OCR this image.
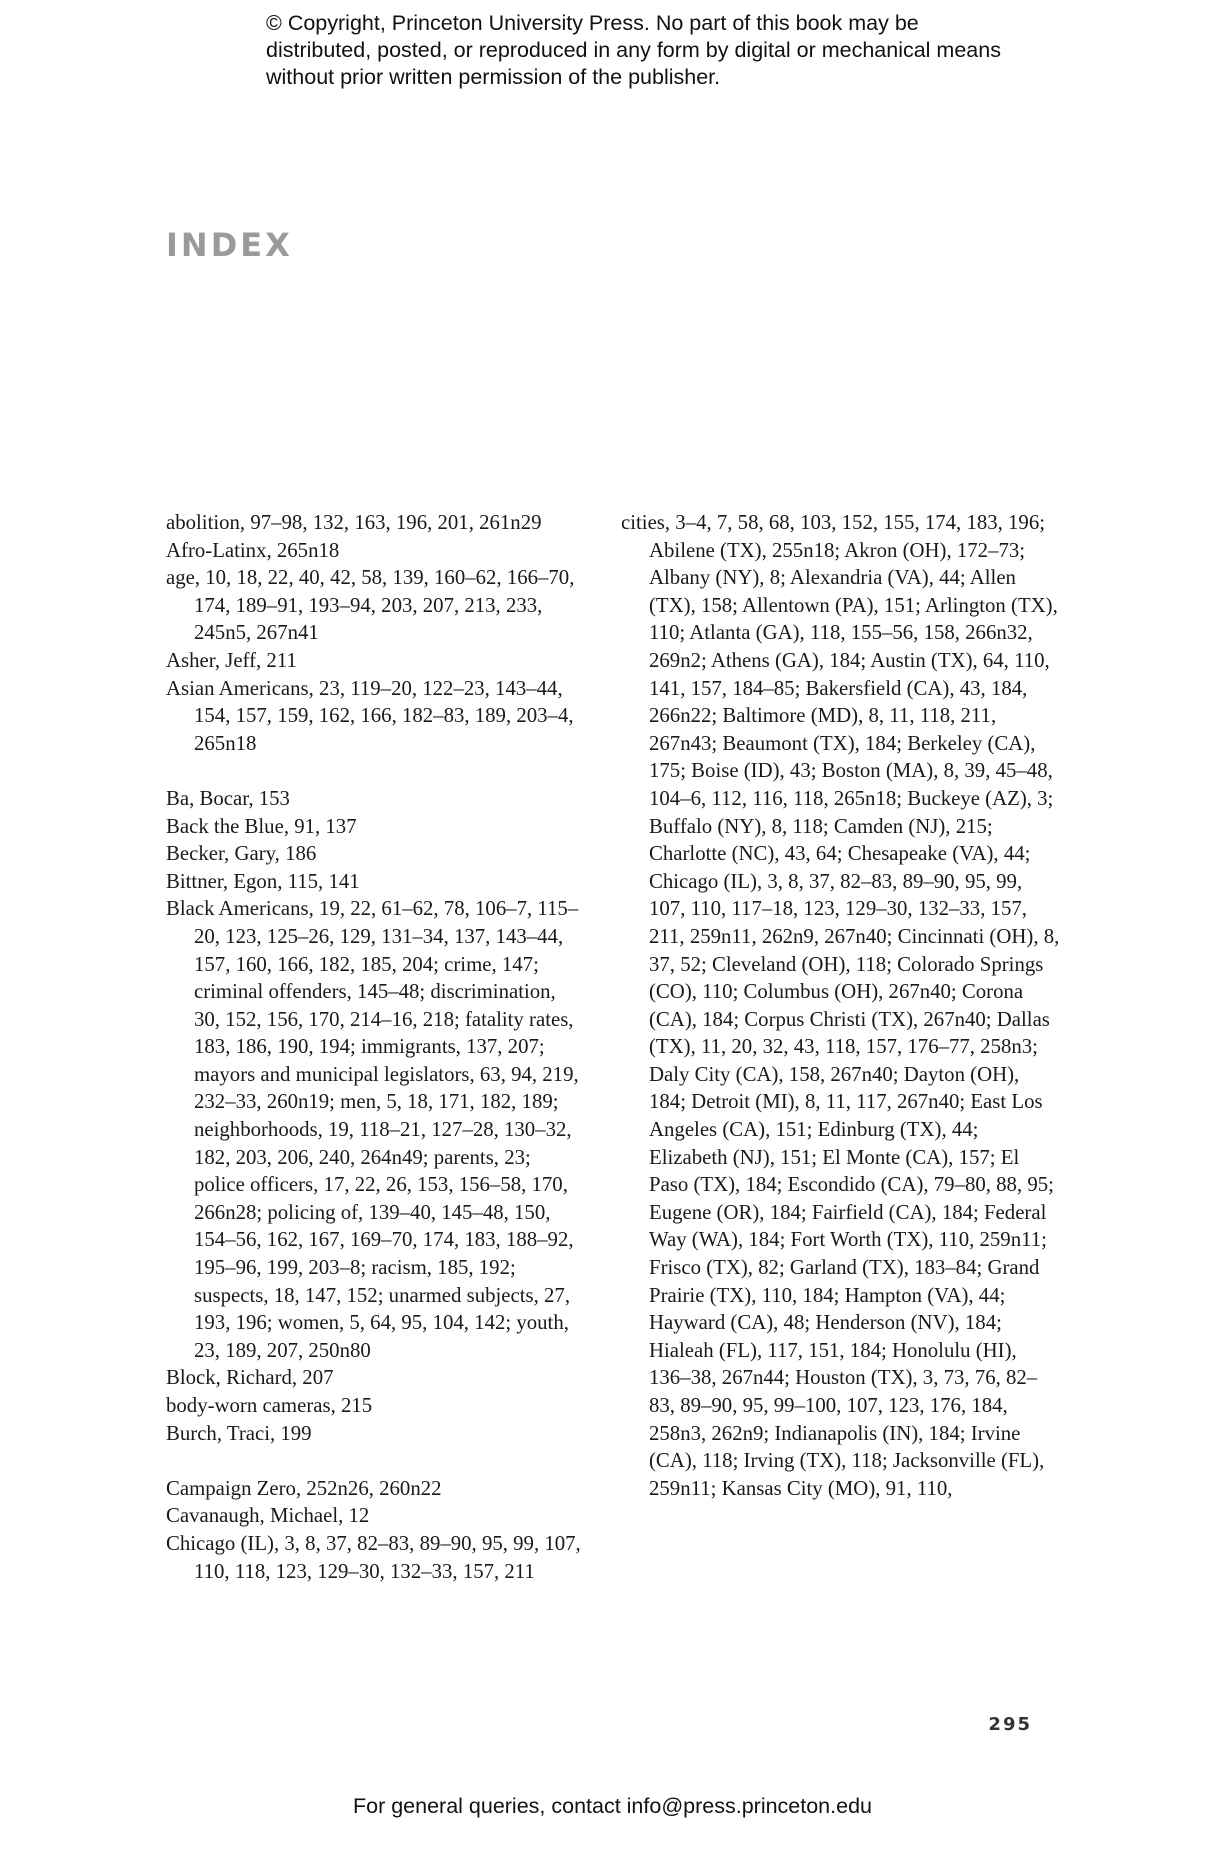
© Copyright, Princeton University Press. No part of this book may be distributed, posted, or reproduced in any form by digital or mechanical means without prior written permission of the publisher.
INDEX

abolition, 97–98, 132, 163, 196, 201, 261n29

Afro-Latinx, 265n18

age, 10, 18, 22, 40, 42, 58, 139, 160–62, 166–70, 174, 189–91, 193–94, 203, 207, 213, 233, 245n5, 267n41

Asher, Jeff, 211

Asian Americans, 23, 119–20, 122–23, 143–44, 154, 157, 159, 162, 166, 182–83, 189, 203–4, 265n18

Ba, Bocar, 153

Back the Blue, 91, 137

Becker, Gary, 186

Bittner, Egon, 115, 141

Black Americans, 19, 22, 61–62, 78, 106–7, 115–20, 123, 125–26, 129, 131–34, 137, 143–44, 157, 160, 166, 182, 185, 204; crime, 147; criminal offenders, 145–48; discrimination, 30, 152, 156, 170, 214–16, 218; fatality rates, 183, 186, 190, 194; immigrants, 137, 207; mayors and municipal legislators, 63, 94, 219, 232–33, 260n19; men, 5, 18, 171, 182, 189; neighborhoods, 19, 118–21, 127–28, 130–32, 182, 203, 206, 240, 264n49; parents, 23; police officers, 17, 22, 26, 153, 156–58, 170, 266n28; policing of, 139–40, 145–48, 150, 154–56, 162, 167, 169–70, 174, 183, 188–92, 195–96, 199, 203–8; racism, 185, 192; suspects, 18, 147, 152; unarmed subjects, 27, 193, 196; women, 5, 64, 95, 104, 142; youth, 23, 189, 207, 250n80

Block, Richard, 207

body-worn cameras, 215

Burch, Traci, 199

Campaign Zero, 252n26, 260n22

Cavanaugh, Michael, 12

Chicago (IL), 3, 8, 37, 82–83, 89–90, 95, 99, 107, 110, 118, 123, 129–30, 132–33, 157, 211

cities, 3–4, 7, 58, 68, 103, 152, 155, 174, 183, 196; Abilene (TX), 255n18; Akron (OH), 172–73; Albany (NY), 8; Alexandria (VA), 44; Allen (TX), 158; Allentown (PA), 151; Arlington (TX), 110; Atlanta (GA), 118, 155–56, 158, 266n32, 269n2; Athens (GA), 184; Austin (TX), 64, 110, 141, 157, 184–85; Bakersfield (CA), 43, 184, 266n22; Baltimore (MD), 8, 11, 118, 211, 267n43; Beaumont (TX), 184; Berkeley (CA), 175; Boise (ID), 43; Boston (MA), 8, 39, 45–48, 104–6, 112, 116, 118, 265n18; Buckeye (AZ), 3; Buffalo (NY), 8, 118; Camden (NJ), 215; Charlotte (NC), 43, 64; Chesapeake (VA), 44; Chicago (IL), 3, 8, 37, 82–83, 89–90, 95, 99, 107, 110, 117–18, 123, 129–30, 132–33, 157, 211, 259n11, 262n9, 267n40; Cincinnati (OH), 8, 37, 52; Cleveland (OH), 118; Colorado Springs (CO), 110; Columbus (OH), 267n40; Corona (CA), 184; Corpus Christi (TX), 267n40; Dallas (TX), 11, 20, 32, 43, 118, 157, 176–77, 258n3; Daly City (CA), 158, 267n40; Dayton (OH), 184; Detroit (MI), 8, 11, 117, 267n40; East Los Angeles (CA), 151; Edinburg (TX), 44; Elizabeth (NJ), 151; El Monte (CA), 157; El Paso (TX), 184; Escondido (CA), 79–80, 88, 95; Eugene (OR), 184; Fairfield (CA), 184; Federal Way (WA), 184; Fort Worth (TX), 110, 259n11; Frisco (TX), 82; Garland (TX), 183–84; Grand Prairie (TX), 110, 184; Hampton (VA), 44; Hayward (CA), 48; Henderson (NV), 184; Hialeah (FL), 117, 151, 184; Honolulu (HI), 136–38, 267n44; Houston (TX), 3, 73, 76, 82–83, 89–90, 95, 99–100, 107, 123, 176, 184, 258n3, 262n9; Indianapolis (IN), 184; Irvine (CA), 118; Irving (TX), 118; Jacksonville (FL), 259n11; Kansas City (MO), 91, 110,

295
For general queries, contact info@press.princeton.edu
